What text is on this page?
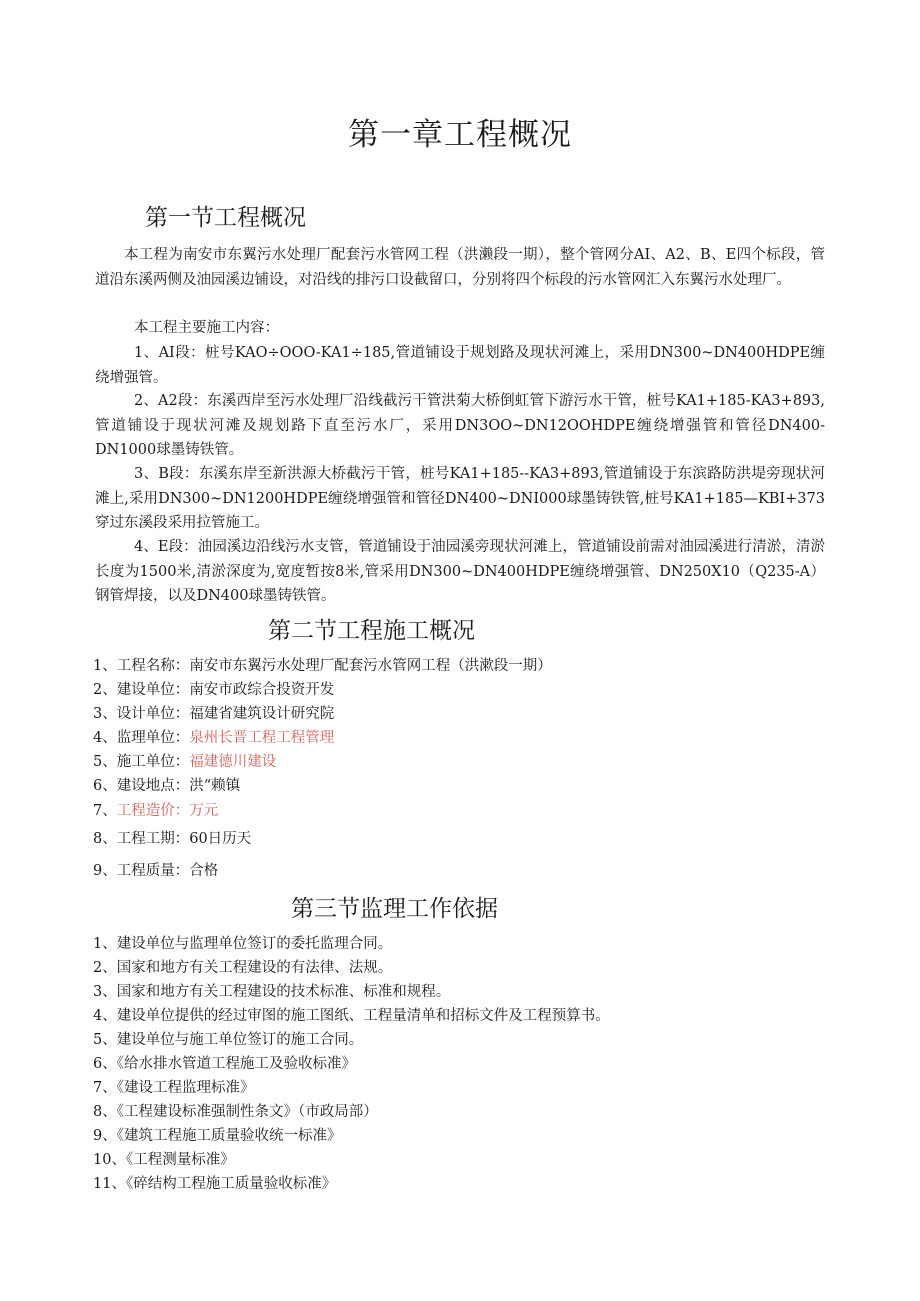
第一章工程概况
第一节工程概况

本工程为南安市东翼污水处理厂配套污水管网工程（洪濑段一期），整个管网分AI、A2、B、E四个标段，管道沿东溪两侧及油园溪边铺设，对沿线的排污口设截留口，分别将四个标段的污水管网汇入东翼污水处理厂。

本工程主要施工内容：

1、AI段：桩号KAO÷OOO-KA1÷185,管道铺设于规划路及现状河滩上，采用DN300~DN400HDPE缠绕增强管。

2、A2段：东溪西岸至污水处理厂沿线截污干管洪菊大桥倒虹管下游污水干管，桩号KA1+185-KA3+893,管道铺设于现状河滩及规划路下直至污水厂，采用DN3OO~DN12OOHDPE缠绕增强管和管径DN400-DN1000球墨铸铁管。

3、B段：东溪东岸至新洪源大桥截污干管，桩号KA1+185--KA3+893,管道铺设于东滨路防洪堤旁现状河滩上,采用DN300~DN1200HDPE缠绕增强管和管径DN400~DNI000球墨铸铁管,桩号KA1+185—KBI+373穿过东溪段采用拉管施工。

4、E段：油园溪边沿线污水支管，管道铺设于油园溪旁现状河滩上，管道铺设前需对油园溪进行清淤，清淤长度为1500米,清淤深度为,宽度暂按8米,管采用DN300~DN400HDPE缠绕增强管、DN250X10（Q235-A）钢管焊接，以及DN400球墨铸铁管。

第二节工程施工概况
1、工程名称：南安市东翼污水处理厂配套污水管网工程（洪漱段一期）
2、建设单位：南安市政综合投资开发
3、设计单位：福建省建筑设计研究院
4、监理单位：泉州长晋工程工程管理
5、施工单位：福建德川建设
6、建设地点：洪“赖镇
7、工程造价：万元
8、工程工期：60日历天
9、工程质量：合格
第三节监理工作依据
1、建设单位与监理单位签订的委托监理合同。
2、国家和地方有关工程建设的有法律、法规。
3、国家和地方有关工程建设的技术标准、标准和规程。
4、建设单位提供的经过审图的施工图纸、工程量清单和招标文件及工程预算书。
5、建设单位与施工单位签订的施工合同。
6、《给水排水管道工程施工及验收标准》
7、《建设工程监理标准》
8、《工程建设标准强制性条文》（市政局部）
9、《建筑工程施工质量验收统一标准》
10、《工程测量标准》
11、《碎结构工程施工质量验收标准》
